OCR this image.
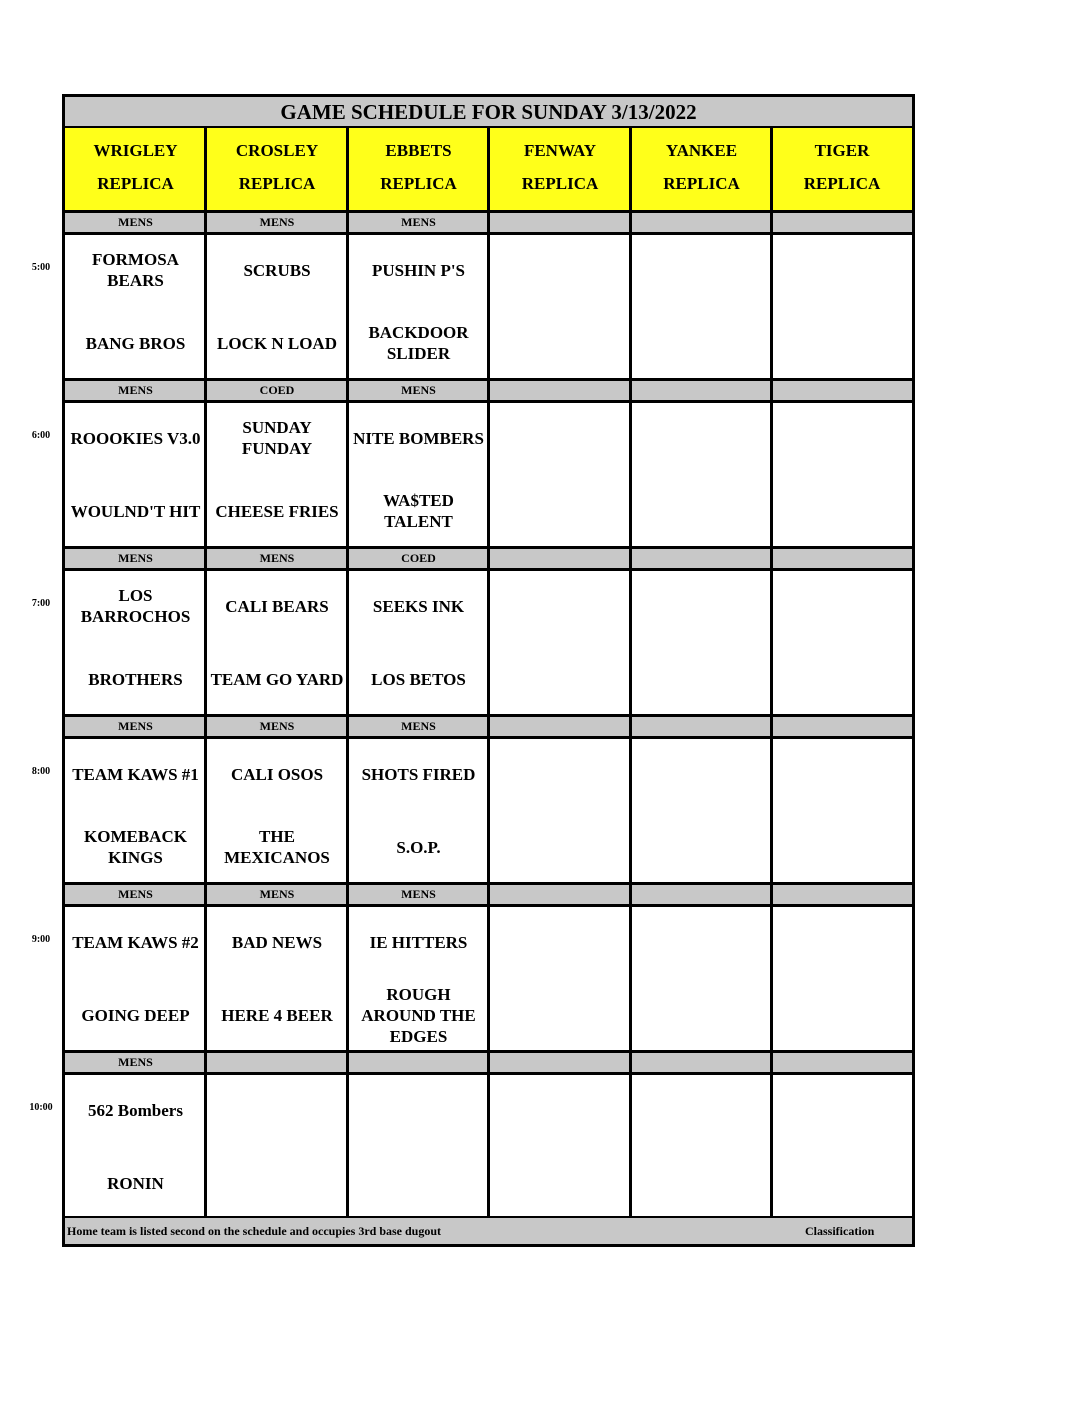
GAME SCHEDULE FOR SUNDAY 3/13/2022
WRIGLEY
REPLICA
CROSLEY
REPLICA
EBBETS
REPLICA
FENWAY
REPLICA
YANKEE
REPLICA
TIGER
REPLICA
MENS
FORMOSA BEARS
BANG BROS
MENS
SCRUBS
LOCK N LOAD
MENS
PUSHIN P'S
BACKDOOR SLIDER
MENS
ROOOKIES V3.0
WOULND'T HIT
COED
SUNDAY FUNDAY
CHEESE FRIES
MENS
NITE BOMBERS
WA$TED TALENT
MENS
LOS BARROCHOS
BROTHERS
MENS
CALI BEARS
TEAM GO YARD
COED
SEEKS INK
LOS BETOS
MENS
TEAM KAWS #1
KOMEBACK KINGS
MENS
CALI OSOS
THE MEXICANOS
MENS
SHOTS FIRED
S.O.P.
MENS
TEAM KAWS #2
GOING DEEP
MENS
BAD NEWS
HERE 4 BEER
MENS
IE HITTERS
ROUGH AROUND THE EDGES
MENS
562 Bombers
RONIN
Home team is listed second on the schedule and occupies 3rd base dugout	Classification
5:00
6:00
7:00
8:00
9:00
10:00
